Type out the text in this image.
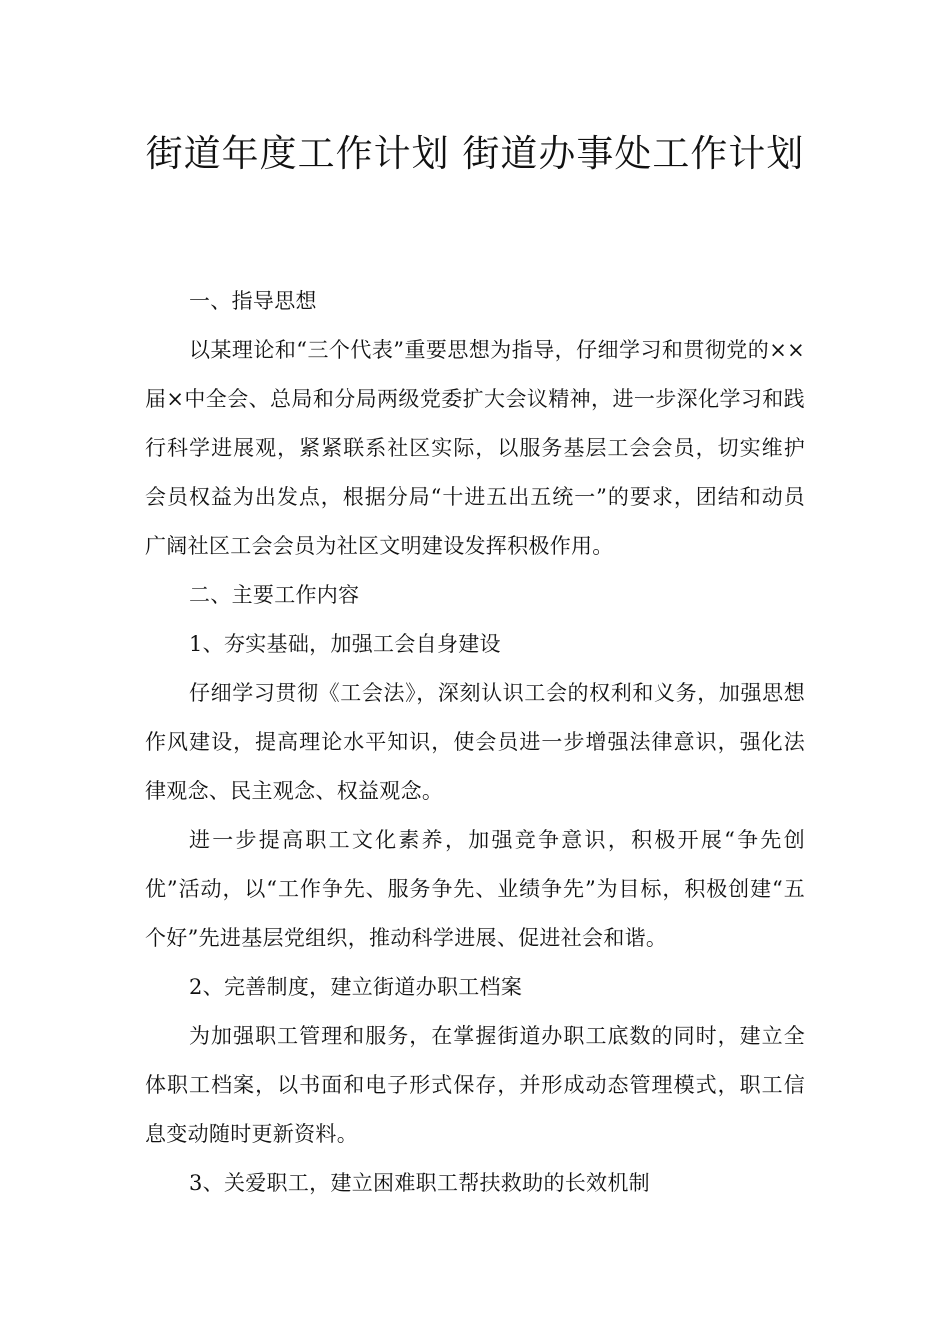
街道年度工作计划 街道办事处工作计划

一、指导思想

以某理论和“三个代表”重要思想为指导，仔细学习和贯彻党的××届×中全会、总局和分局两级党委扩大会议精神，进一步深化学习和践行科学进展观，紧紧联系社区实际，以服务基层工会会员，切实维护会员权益为出发点，根据分局“十进五出五统一”的要求，团结和动员广阔社区工会会员为社区文明建设发挥积极作用。

二、主要工作内容

1、夯实基础，加强工会自身建设

仔细学习贯彻《工会法》，深刻认识工会的权利和义务，加强思想作风建设，提高理论水平知识，使会员进一步增强法律意识，强化法律观念、民主观念、权益观念。

进一步提高职工文化素养，加强竞争意识，积极开展“争先创优”活动，以“工作争先、服务争先、业绩争先”为目标，积极创建“五个好”先进基层党组织，推动科学进展、促进社会和谐。

2、完善制度，建立街道办职工档案

为加强职工管理和服务，在掌握街道办职工底数的同时，建立全体职工档案，以书面和电子形式保存，并形成动态管理模式，职工信息变动随时更新资料。

3、关爱职工，建立困难职工帮扶救助的长效机制
